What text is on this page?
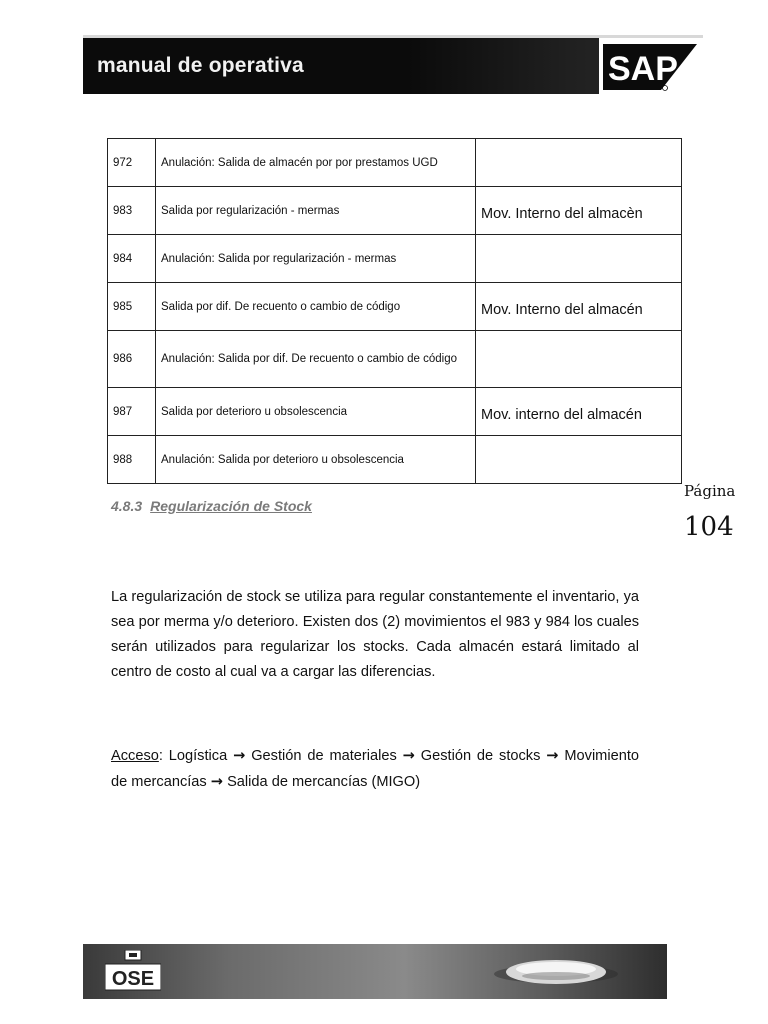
manual de operativa	SAP
972	Anulación: Salida de almacén por por prestamos UGD	
983	Salida por regularización - mermas	Mov. Interno del almacèn
984	Anulación: Salida por regularización - mermas	
985	Salida por dif. De recuento o cambio de código	Mov. Interno del almacén
986	Anulación: Salida por dif. De recuento o cambio de código	
987	Salida por deterioro u obsolescencia	Mov. interno del almacén
988	Anulación: Salida por deterioro u obsolescencia	
Página
104
4.8.3 Regularización de Stock

La regularización de stock se utiliza para regular constantemente el inventario, ya sea por merma y/o deterioro. Existen dos (2) movimientos el 983 y 984 los cuales serán utilizados para regularizar los stocks. Cada almacén estará limitado al centro de costo al cual va a cargar las diferencias.

Acceso: Logística → Gestión de materiales → Gestión de stocks → Movimiento de mercancías → Salida de mercancías (MIGO)

OSE
